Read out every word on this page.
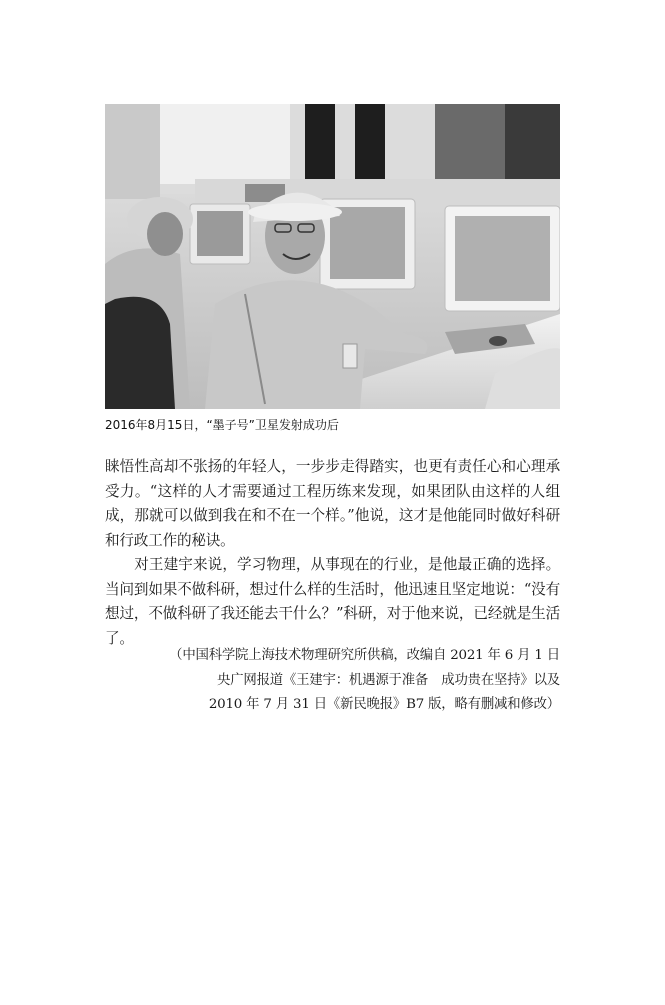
2016年8月15日，“墨子号”卫星发射成功后

睐悟性高却不张扬的年轻人，一步步走得踏实，也更有责任心和心理承受力。“这样的人才需要通过工程历练来发现，如果团队由这样的人组成，那就可以做到我在和不在一个样。”他说，这才是他能同时做好科研和行政工作的秘诀。

对王建宇来说，学习物理，从事现在的行业，是他最正确的选择。当问到如果不做科研，想过什么样的生活时，他迅速且坚定地说：“没有想过，不做科研了我还能去干什么？”科研，对于他来说，已经就是生活了。

（中国科学院上海技术物理研究所供稿，改编自 2021 年 6 月 1 日
央广网报道《王建宇：机遇源于准备　成功贵在坚持》以及
2010 年 7 月 31 日《新民晚报》B7 版，略有删减和修改）
